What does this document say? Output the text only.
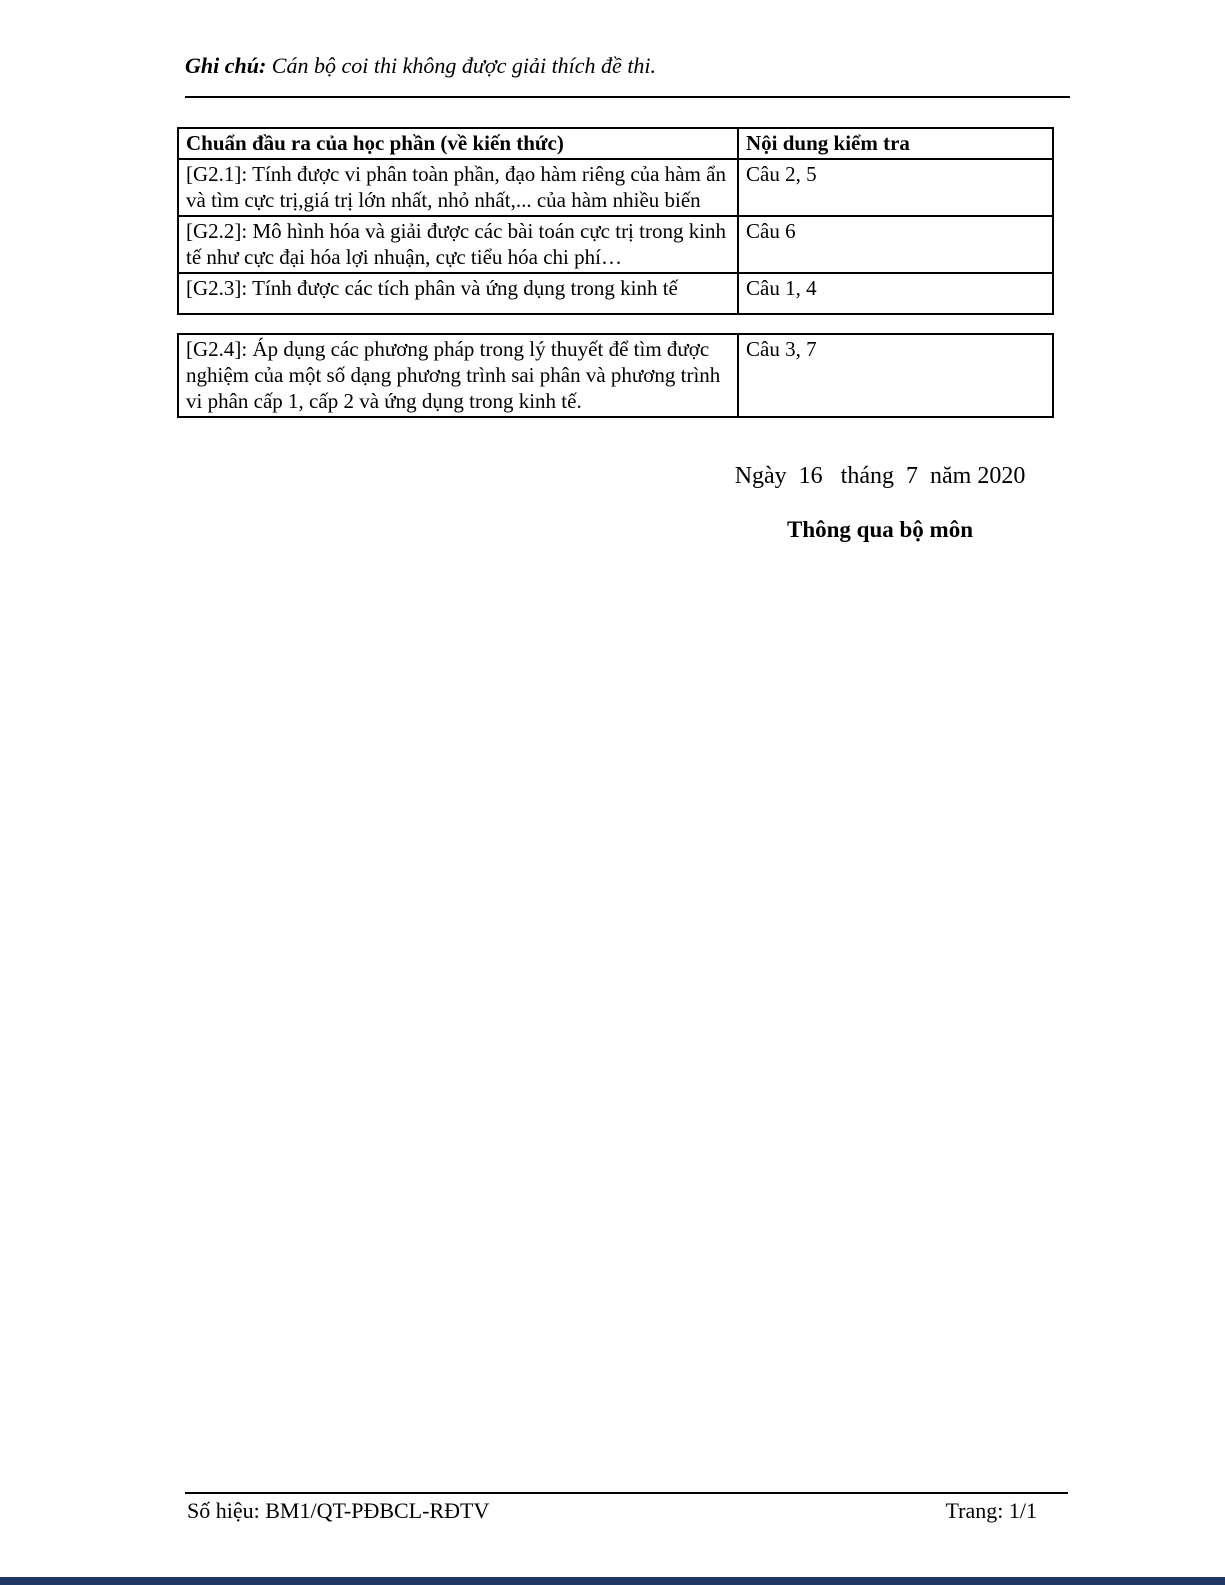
Ghi chú: Cán bộ coi thi không được giải thích đề thi.
Chuẩn đầu ra của học phần (về kiến thức)	Nội dung kiểm tra
[G2.1]: Tính được vi phân toàn phần, đạo hàm riêng của hàm ẩn và tìm cực trị,giá trị lớn nhất, nhỏ nhất,... của hàm nhiều biến	Câu 2, 5
[G2.2]: Mô hình hóa và giải được các bài toán cực trị trong kinh tế như cực đại hóa lợi nhuận, cực tiểu hóa chi phí…	Câu 6
[G2.3]: Tính được các tích phân và ứng dụng trong kinh tế	Câu 1, 4
[G2.4]: Áp dụng các phương pháp trong lý thuyết để tìm được nghiệm của một số dạng phương trình sai phân và phương trình vi phân cấp 1, cấp 2 và ứng dụng trong kinh tế.	Câu 3, 7
Ngày  16   tháng  7  năm 2020
Thông qua bộ môn
Số hiệu: BM1/QT-PĐBCL-RĐTV	Trang: 1/1
